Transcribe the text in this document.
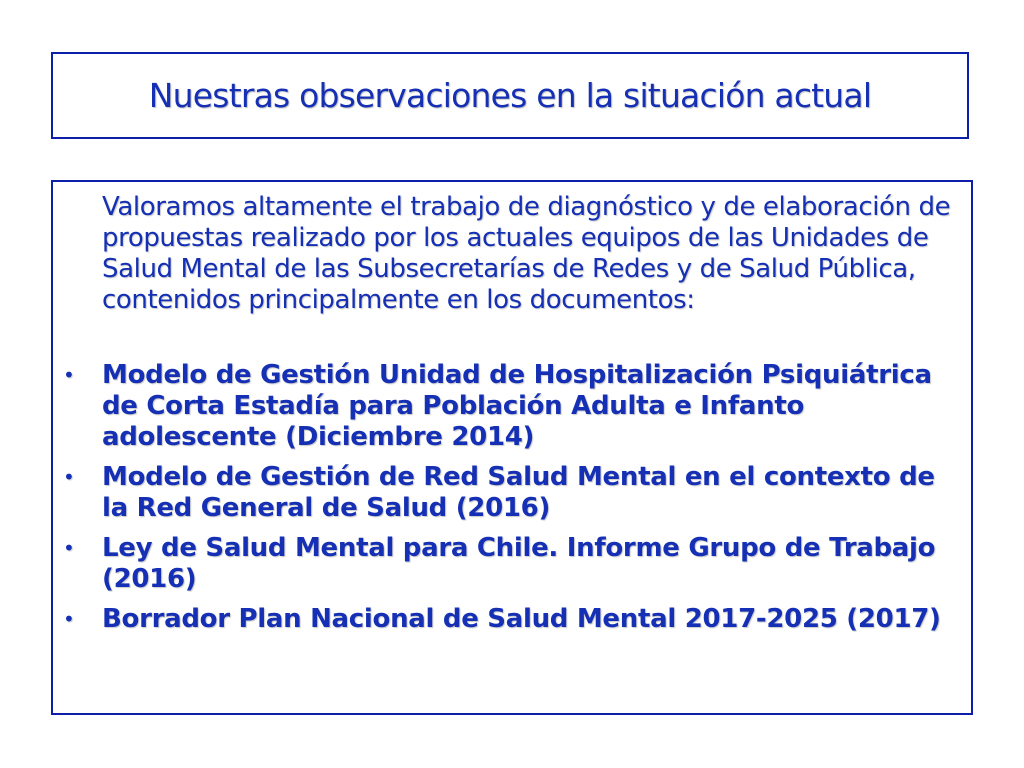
Nuestras observaciones en la situación actual

Valoramos altamente el trabajo de diagnóstico y de elaboración de propuestas realizado por los actuales equipos de las Unidades de Salud Mental de las Subsecretarías de Redes y de Salud Pública, contenidos principalmente en los documentos:

• Modelo de Gestión Unidad de Hospitalización Psiquiátrica de Corta Estadía para Población Adulta e Infanto adolescente (Diciembre 2014)
• Modelo de Gestión de Red Salud Mental en el contexto de la Red General de Salud (2016)
• Ley de Salud Mental para Chile. Informe Grupo de Trabajo (2016)
• Borrador Plan Nacional de Salud Mental 2017-2025 (2017)
